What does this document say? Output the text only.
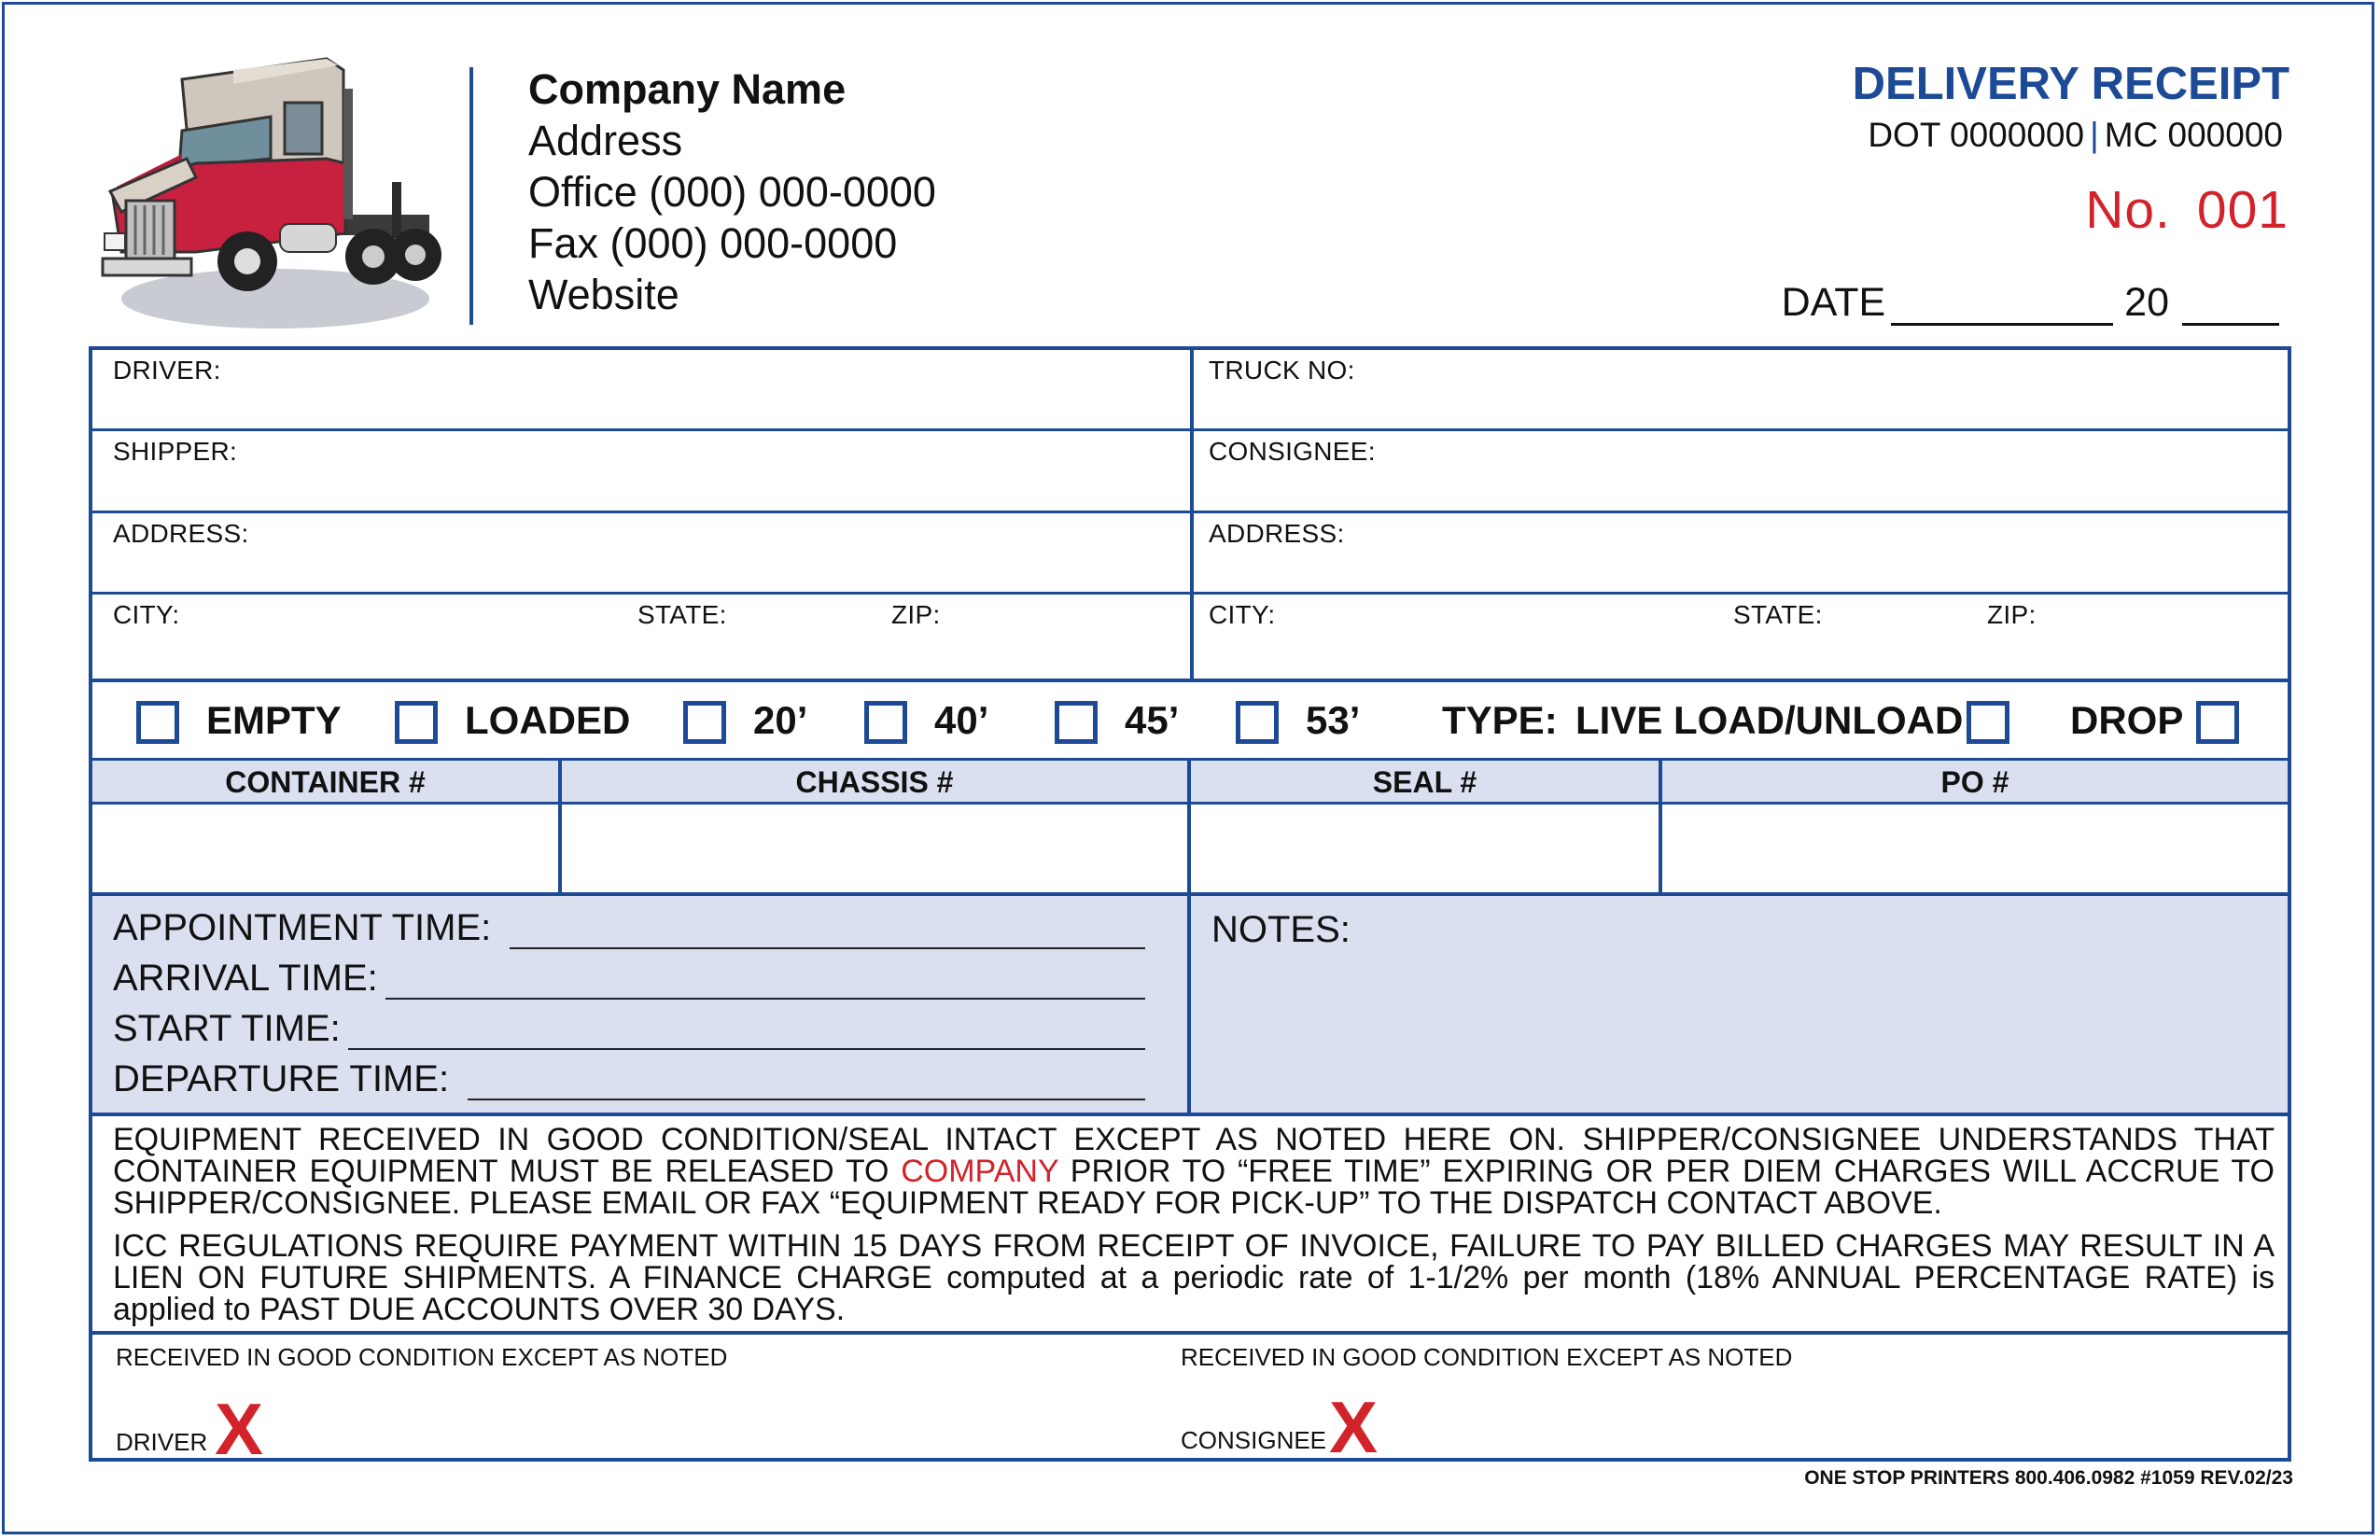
Company Name
Address
Office (000) 000-0000
Fax (000) 000-0000
Website
DELIVERY RECEIPT
DOT 0000000 | MC 000000
No. 001
DATE	20
DRIVER:	TRUCK NO:
SHIPPER:	CONSIGNEE:
ADDRESS:	ADDRESS:
CITY:	STATE:	ZIP:	CITY:	STATE:	ZIP:
EMPTY	LOADED	20’	40’	45’	53’ TYPE: LIVE LOAD/UNLOAD	DROP
CONTAINER #	CHASSIS #	SEAL #	PO #
APPOINTMENT TIME:
ARRIVAL TIME:
START TIME:
DEPARTURE TIME:
NOTES:
EQUIPMENT RECEIVED IN GOOD CONDITION/SEAL INTACT EXCEPT AS NOTED HERE ON. SHIPPER/CONSIGNEE UNDERSTANDS THAT CONTAINER EQUIPMENT MUST BE RELEASED TO COMPANY PRIOR TO “FREE TIME” EXPIRING OR PER DIEM CHARGES WILL ACCRUE TO SHIPPER/CONSIGNEE. PLEASE EMAIL OR FAX “EQUIPMENT READY FOR PICK-UP” TO THE DISPATCH CONTACT ABOVE.
ICC REGULATIONS REQUIRE PAYMENT WITHIN 15 DAYS FROM RECEIPT OF INVOICE, FAILURE TO PAY BILLED CHARGES MAY RESULT IN A LIEN ON FUTURE SHIPMENTS. A FINANCE CHARGE computed at a periodic rate of 1-1/2% per month (18% ANNUAL PERCENTAGE RATE) is applied to PAST DUE ACCOUNTS OVER 30 DAYS.
RECEIVED IN GOOD CONDITION EXCEPT AS NOTED	RECEIVED IN GOOD CONDITION EXCEPT AS NOTED
DRIVER X	CONSIGNEE X
ONE STOP PRINTERS 800.406.0982 #1059 REV.02/23
